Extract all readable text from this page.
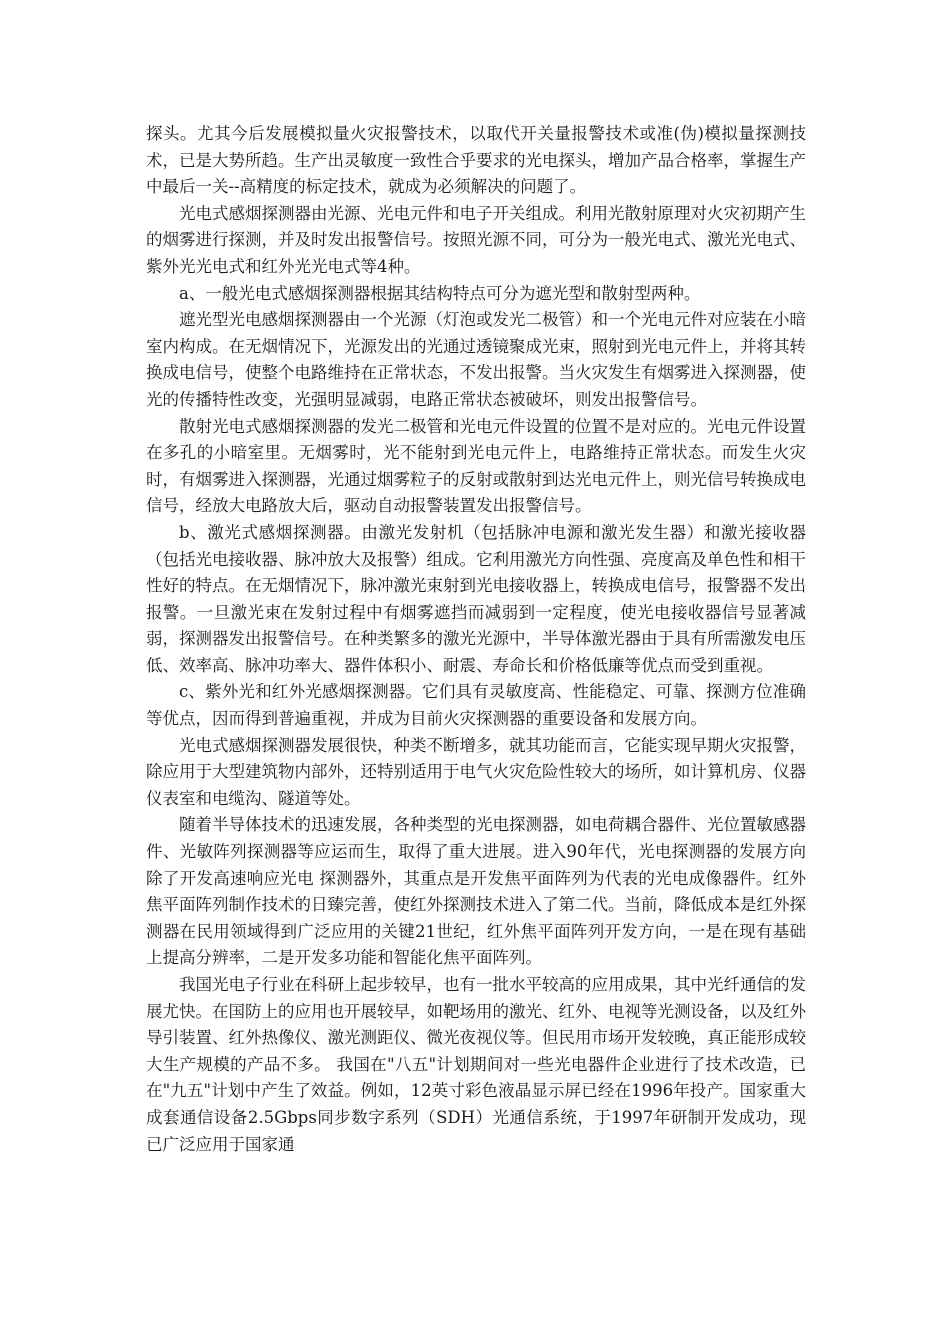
探头。尤其今后发展模拟量火灾报警技术，以取代开关量报警技术或准(伪)模拟量探测技术，已是大势所趋。生产出灵敏度一致性合乎要求的光电探头，增加产品合格率，掌握生产中最后一关--高精度的标定技术，就成为必须解决的问题了。

光电式感烟探测器由光源、光电元件和电子开关组成。利用光散射原理对火灾初期产生的烟雾进行探测，并及时发出报警信号。按照光源不同，可分为一般光电式、激光光电式、紫外光光电式和红外光光电式等4种。

a、一般光电式感烟探测器根据其结构特点可分为遮光型和散射型两种。

遮光型光电感烟探测器由一个光源（灯泡或发光二极管）和一个光电元件对应装在小暗室内构成。在无烟情况下，光源发出的光通过透镜聚成光束，照射到光电元件上，并将其转换成电信号，使整个电路维持在正常状态，不发出报警。当火灾发生有烟雾进入探测器，使光的传播特性改变，光强明显减弱，电路正常状态被破坏，则发出报警信号。

散射光电式感烟探测器的发光二极管和光电元件设置的位置不是对应的。光电元件设置在多孔的小暗室里。无烟雾时，光不能射到光电元件上，电路维持正常状态。而发生火灾时，有烟雾进入探测器，光通过烟雾粒子的反射或散射到达光电元件上，则光信号转换成电信号，经放大电路放大后，驱动自动报警装置发出报警信号。

b、激光式感烟探测器。由激光发射机（包括脉冲电源和激光发生器）和激光接收器（包括光电接收器、脉冲放大及报警）组成。它利用激光方向性强、亮度高及单色性和相干性好的特点。在无烟情况下，脉冲激光束射到光电接收器上，转换成电信号，报警器不发出报警。一旦激光束在发射过程中有烟雾遮挡而减弱到一定程度，使光电接收器信号显著减弱，探测器发出报警信号。在种类繁多的激光光源中，半导体激光器由于具有所需激发电压低、效率高、脉冲功率大、器件体积小、耐震、寿命长和价格低廉等优点而受到重视。

c、紫外光和红外光感烟探测器。它们具有灵敏度高、性能稳定、可靠、探测方位准确等优点，因而得到普遍重视，并成为目前火灾探测器的重要设备和发展方向。

光电式感烟探测器发展很快，种类不断增多，就其功能而言，它能实现早期火灾报警，除应用于大型建筑物内部外，还特别适用于电气火灾危险性较大的场所，如计算机房、仪器仪表室和电缆沟、隧道等处。

随着半导体技术的迅速发展，各种类型的光电探测器，如电荷耦合器件、光位置敏感器件、光敏阵列探测器等应运而生，取得了重大进展。进入90年代，光电探测器的发展方向除了开发高速响应光电 探测器外，其重点是开发焦平面阵列为代表的光电成像器件。红外焦平面阵列制作技术的日臻完善，使红外探测技术进入了第二代。当前，降低成本是红外探测器在民用领域得到广泛应用的关键21世纪，红外焦平面阵列开发方向，一是在现有基础上提高分辨率，二是开发多功能和智能化焦平面阵列。

我国光电子行业在科研上起步较早，也有一批水平较高的应用成果，其中光纤通信的发展尤快。在国防上的应用也开展较早，如靶场用的激光、红外、电视等光测设备，以及红外导引装置、红外热像仪、激光测距仪、微光夜视仪等。但民用市场开发较晚，真正能形成较大生产规模的产品不多。 我国在"八五"计划期间对一些光电器件企业进行了技术改造，已在"九五"计划中产生了效益。例如，12英寸彩色液晶显示屏已经在1996年投产。国家重大成套通信设备2.5Gbps同步数字系列（SDH）光通信系统，于1997年研制开发成功，现已广泛应用于国家通
